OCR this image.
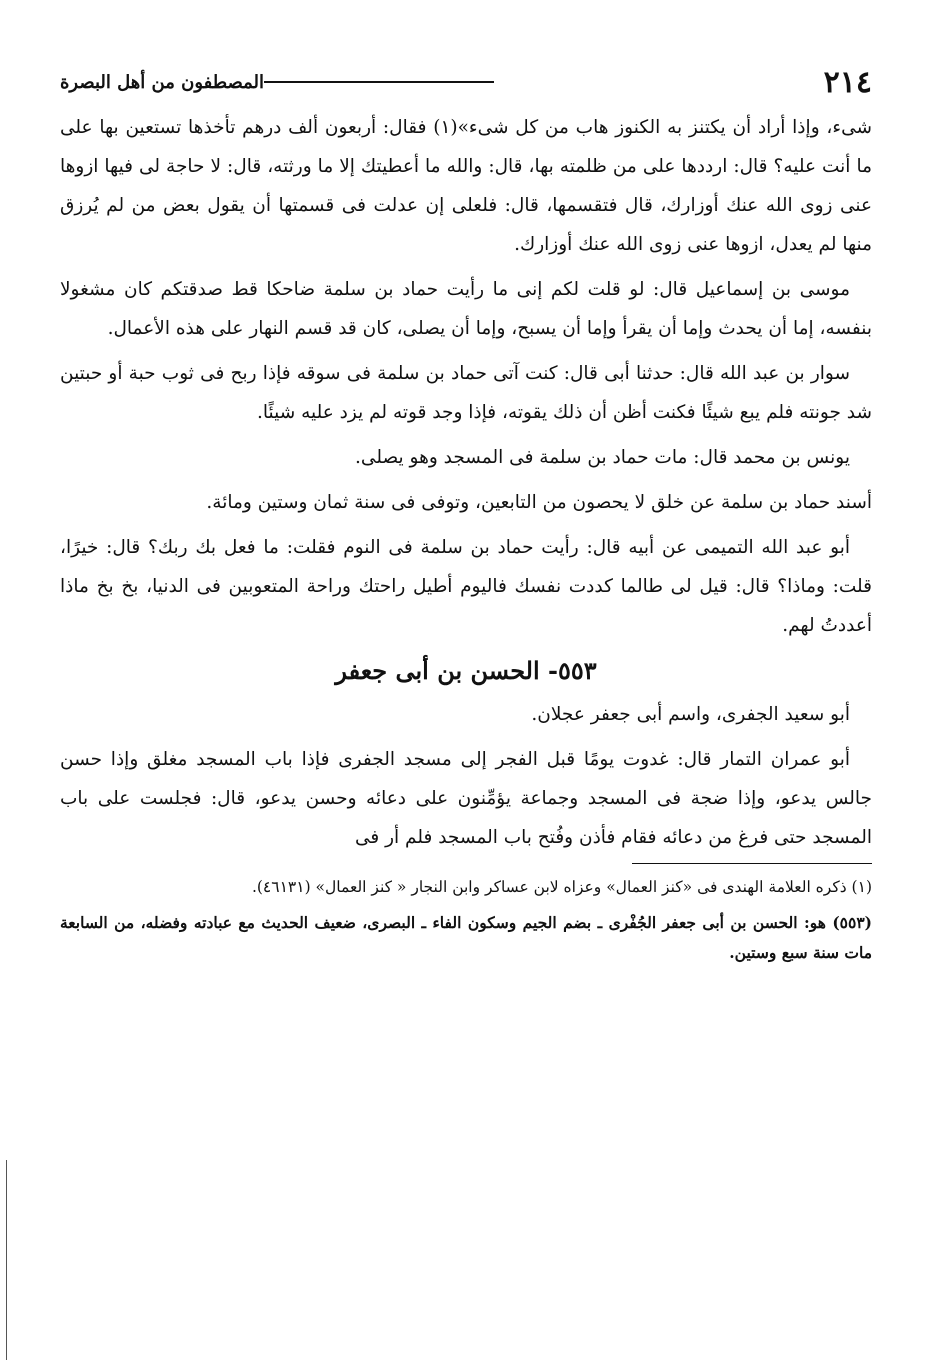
٢١٤
المصطفون من أهل البصرة

شىء، وإذا أراد أن يكتنز به الكنوز هاب من كل شىء»(١) فقال: أربعون ألف درهم تأخذها تستعين بها على ما أنت عليه؟ قال: ارددها على من ظلمته بها، قال: والله ما أعطيتك إلا ما ورثته، قال: لا حاجة لى فيها ازوها عنى زوى الله عنك أوزارك، قال فتقسمها، قال: فلعلى إن عدلت فى قسمتها أن يقول بعض من لم يُرزق منها لم يعدل، ازوها عنى زوى الله عنك أوزارك.

موسى بن إسماعيل قال: لو قلت لكم إنى ما رأيت حماد بن سلمة ضاحكا قط صدقتكم كان مشغولا بنفسه، إما أن يحدث وإما أن يقرأ وإما أن يسبح، وإما أن يصلى، كان قد قسم النهار على هذه الأعمال.

سوار بن عبد الله قال: حدثنا أبى قال: كنت آتى حماد بن سلمة فى سوقه فإذا ربح فى ثوب حبة أو حبتين شد جونته فلم يبع شيئًا فكنت أظن أن ذلك يقوته، فإذا وجد قوته لم يزد عليه شيئًا.

يونس بن محمد قال: مات حماد بن سلمة فى المسجد وهو يصلى.

أسند حماد بن سلمة عن خلق لا يحصون من التابعين، وتوفى فى سنة ثمان وستين ومائة.

أبو عبد الله التميمى عن أبيه قال: رأيت حماد بن سلمة فى النوم فقلت: ما فعل بك ربك؟ قال: خيرًا، قلت: وماذا؟ قال: قيل لى طالما كددت نفسك فاليوم أطيل راحتك وراحة المتعوبين فى الدنيا، بخ بخ ماذا أعددتُ لهم.

٥٥٣- الحسن بن أبى جعفر

أبو سعيد الجفرى، واسم أبى جعفر عجلان.

أبو عمران التمار قال: غدوت يومًا قبل الفجر إلى مسجد الجفرى فإذا باب المسجد مغلق وإذا حسن جالس يدعو، وإذا ضجة فى المسجد وجماعة يؤمِّنون على دعائه وحسن يدعو، قال: فجلست على باب المسجد حتى فرغ من دعائه فقام فأذن وفُتح باب المسجد فلم أر فى

(١) ذكره العلامة الهندى فى «كنز العمال» وعزاه لابن عساكر وابن النجار « كنز العمال» (٤٦١٣١).

(٥٥٣) هو: الحسن بن أبى جعفر الجُفْرى ـ بضم الجيم وسكون الفاء ـ البصرى، ضعيف الحديث مع عبادته وفضله، من السابعة مات سنة سبع وستين.
